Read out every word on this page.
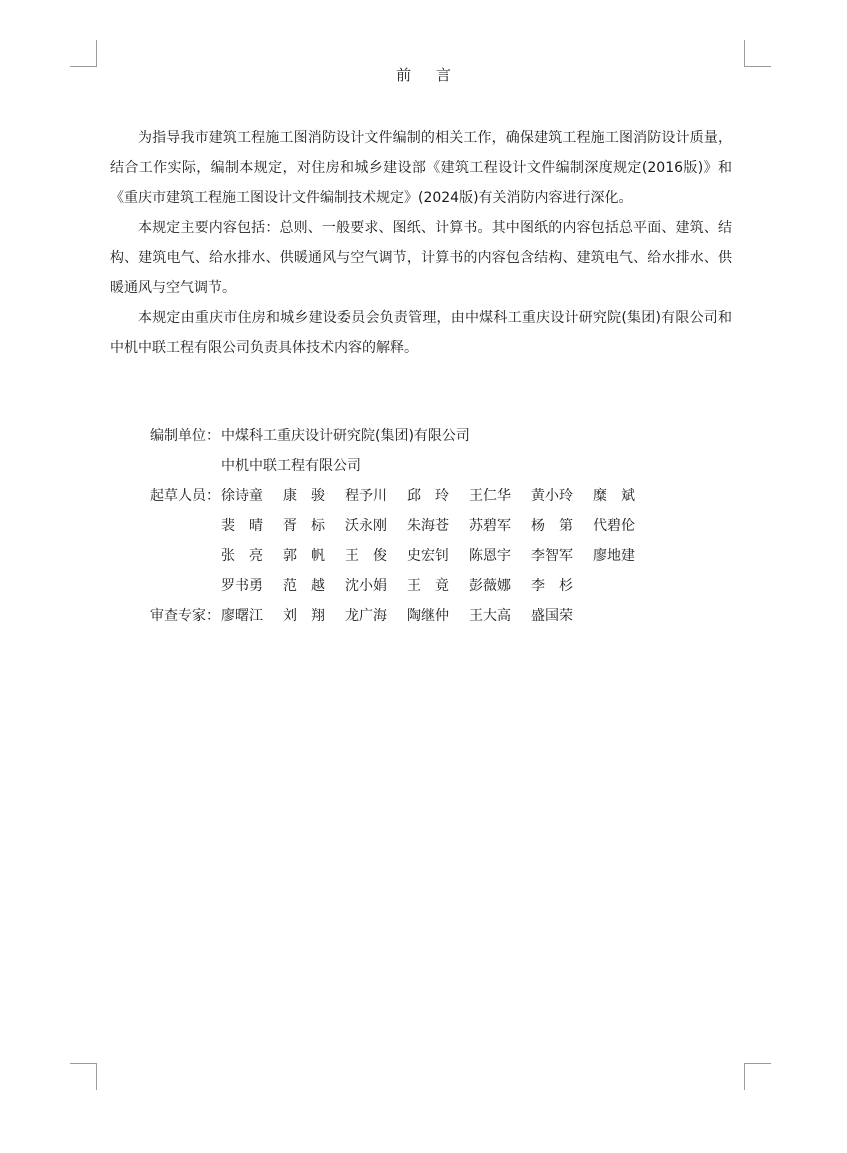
前 言

为指导我市建筑工程施工图消防设计文件编制的相关工作，确保建筑工程施工图消防设计质量，结合工作实际，编制本规定，对住房和城乡建设部《建筑工程设计文件编制深度规定(2016版)》和《重庆市建筑工程施工图设计文件编制技术规定》(2024版)有关消防内容进行深化。

本规定主要内容包括：总则、一般要求、图纸、计算书。其中图纸的内容包括总平面、建筑、结构、建筑电气、给水排水、供暖通风与空气调节，计算书的内容包含结构、建筑电气、给水排水、供暖通风与空气调节。

本规定由重庆市住房和城乡建设委员会负责管理，由中煤科工重庆设计研究院(集团)有限公司和中机中联工程有限公司负责具体技术内容的解释。

编制单位： 中煤科工重庆设计研究院(集团)有限公司
中机中联工程有限公司
起草人员： 徐诗童	康　骏	程予川	邱　玲	王仁华	黄小玲	糜　斌
裴　晴	胥　标	沃永刚	朱海苍	苏碧军	杨　第	代碧伦
张　亮	郭　帆	王　俊	史宏钊	陈恩宇	李智军	廖地建
罗书勇	范　越	沈小娟	王　竟	彭薇娜	李　杉
审查专家： 廖曙江	刘　翔	龙广海	陶继仲	王大高	盛国荣
